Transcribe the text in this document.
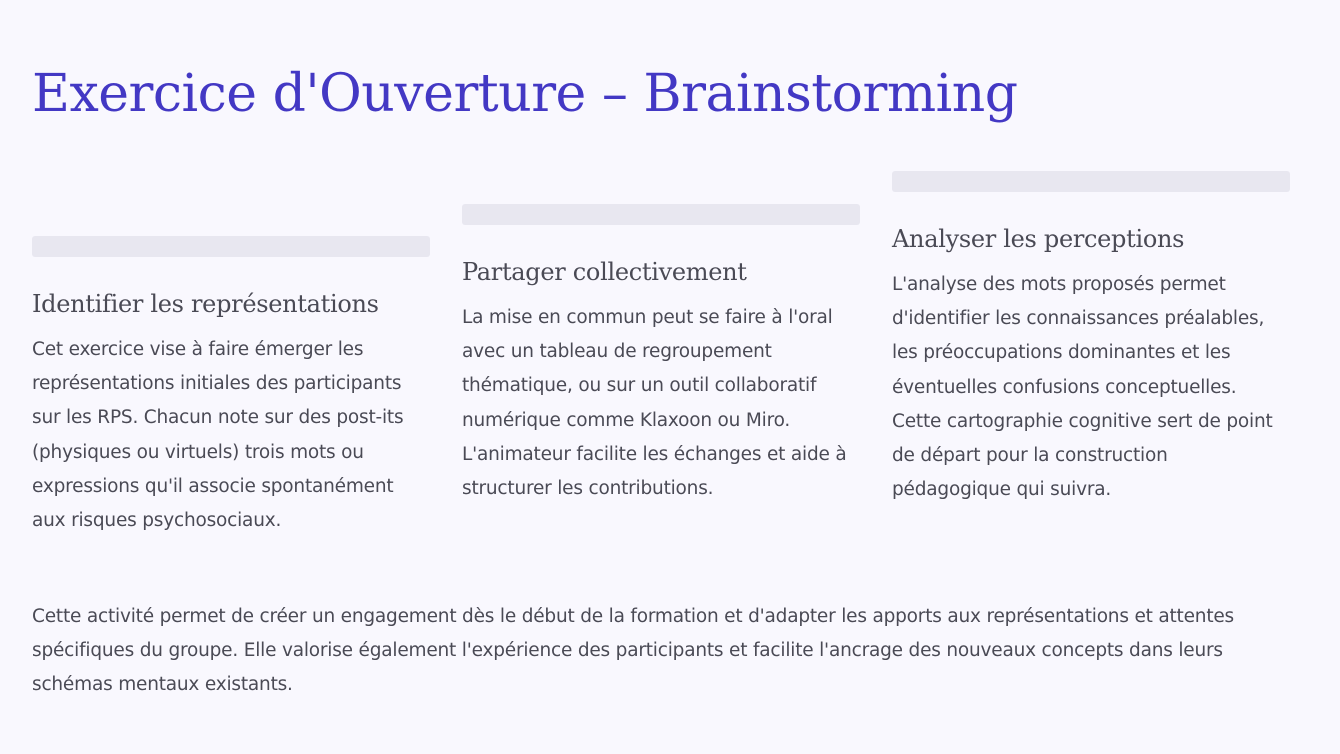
Exercice d'Ouverture – Brainstorming
Identifier les représentations

Cet exercice vise à faire émerger les représentations initiales des participants sur les RPS. Chacun note sur des post-its (physiques ou virtuels) trois mots ou expressions qu'il associe spontanément aux risques psychosociaux.

Partager collectivement

La mise en commun peut se faire à l'oral avec un tableau de regroupement thématique, ou sur un outil collaboratif numérique comme Klaxoon ou Miro. L'animateur facilite les échanges et aide à structurer les contributions.

Analyser les perceptions

L'analyse des mots proposés permet d'identifier les connaissances préalables, les préoccupations dominantes et les éventuelles confusions conceptuelles. Cette cartographie cognitive sert de point de départ pour la construction pédagogique qui suivra.

Cette activité permet de créer un engagement dès le début de la formation et d'adapter les apports aux représentations et attentes spécifiques du groupe. Elle valorise également l'expérience des participants et facilite l'ancrage des nouveaux concepts dans leurs schémas mentaux existants.
